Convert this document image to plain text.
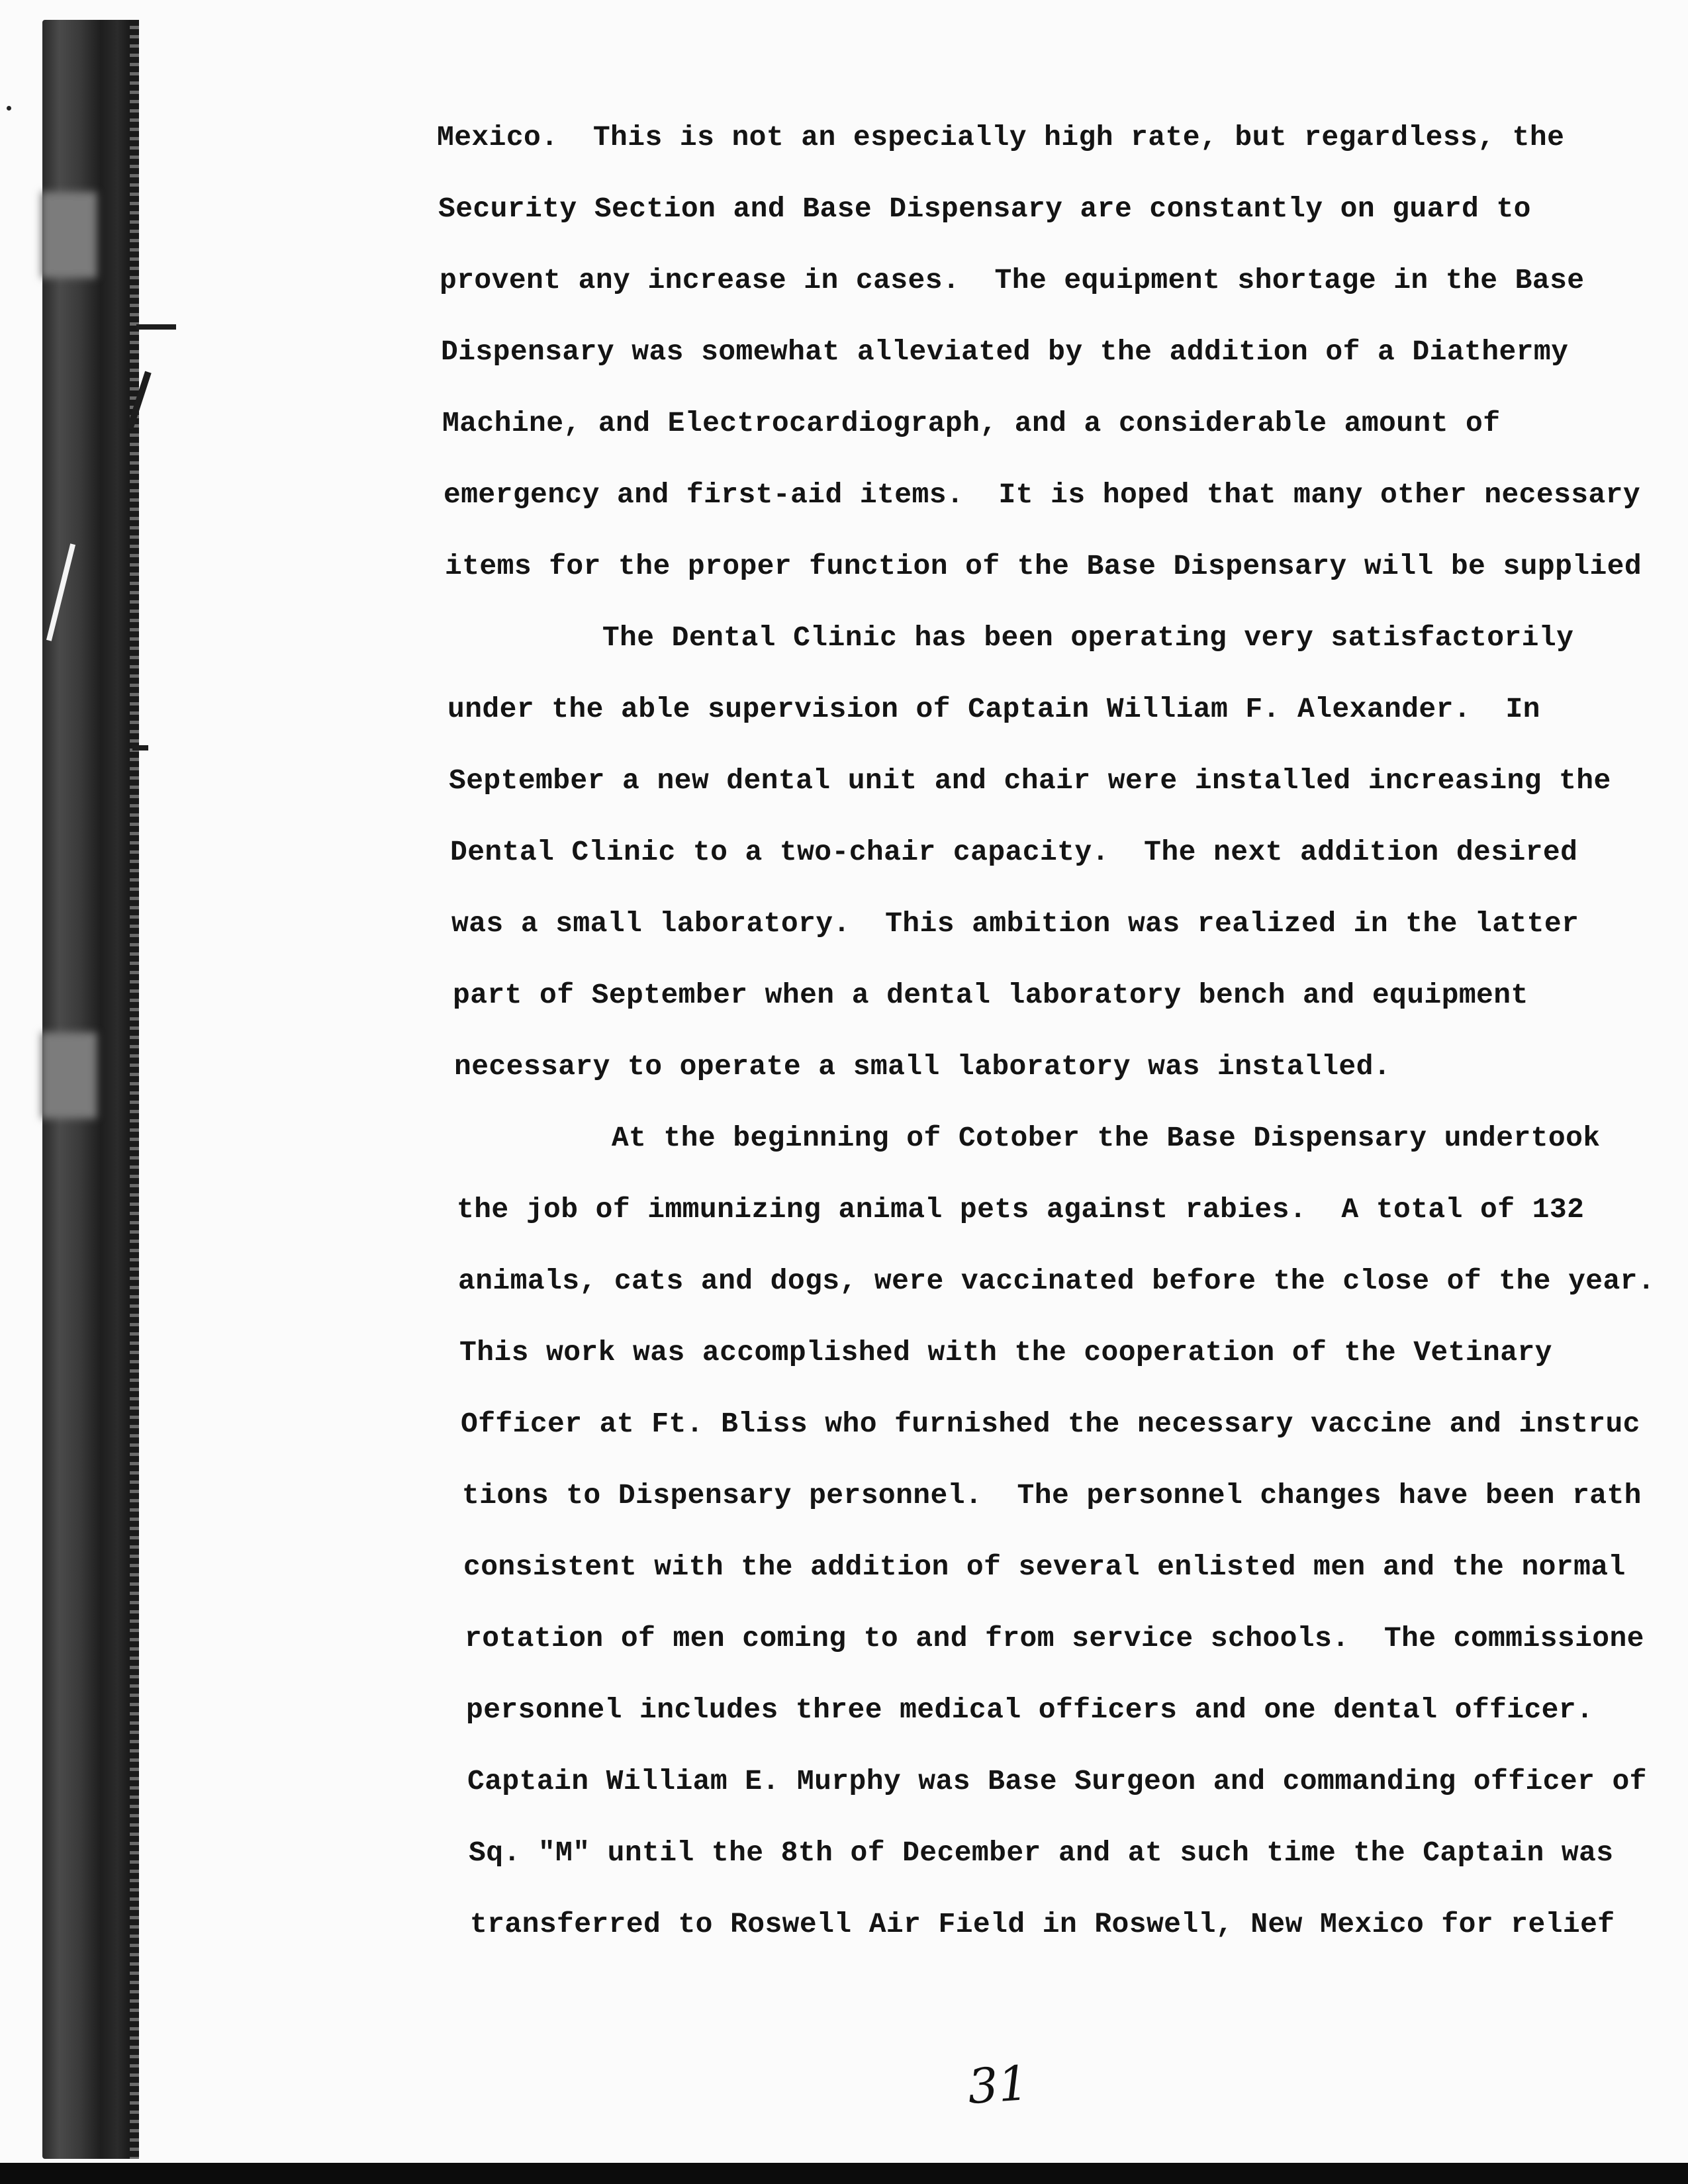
Mexico.  This is not an especially high rate, but regardless, the
Security Section and Base Dispensary are constantly on guard to
provent any increase in cases.  The equipment shortage in the Base
Dispensary was somewhat alleviated by the addition of a Diathermy
Machine, and Electrocardiograph, and a considerable amount of
emergency and first-aid items.  It is hoped that many other necessary
items for the proper function of the Base Dispensary will be supplied
The Dental Clinic has been operating very satisfactorily
under the able supervision of Captain William F. Alexander.  In
September a new dental unit and chair were installed increasing the
Dental Clinic to a two-chair capacity.  The next addition desired
was a small laboratory.  This ambition was realized in the latter
part of September when a dental laboratory bench and equipment
necessary to operate a small laboratory was installed.
At the beginning of Cotober the Base Dispensary undertook
the job of immunizing animal pets against rabies.  A total of 132
animals, cats and dogs, were vaccinated before the close of the year.
This work was accomplished with the cooperation of the Vetinary
Officer at Ft. Bliss who furnished the necessary vaccine and instruc
tions to Dispensary personnel.  The personnel changes have been rath
consistent with the addition of several enlisted men and the normal
rotation of men coming to and from service schools.  The commissione
personnel includes three medical officers and one dental officer.
Captain William E. Murphy was Base Surgeon and commanding officer of
Sq. "M" until the 8th of December and at such time the Captain was
transferred to Roswell Air Field in Roswell, New Mexico for relief
31
